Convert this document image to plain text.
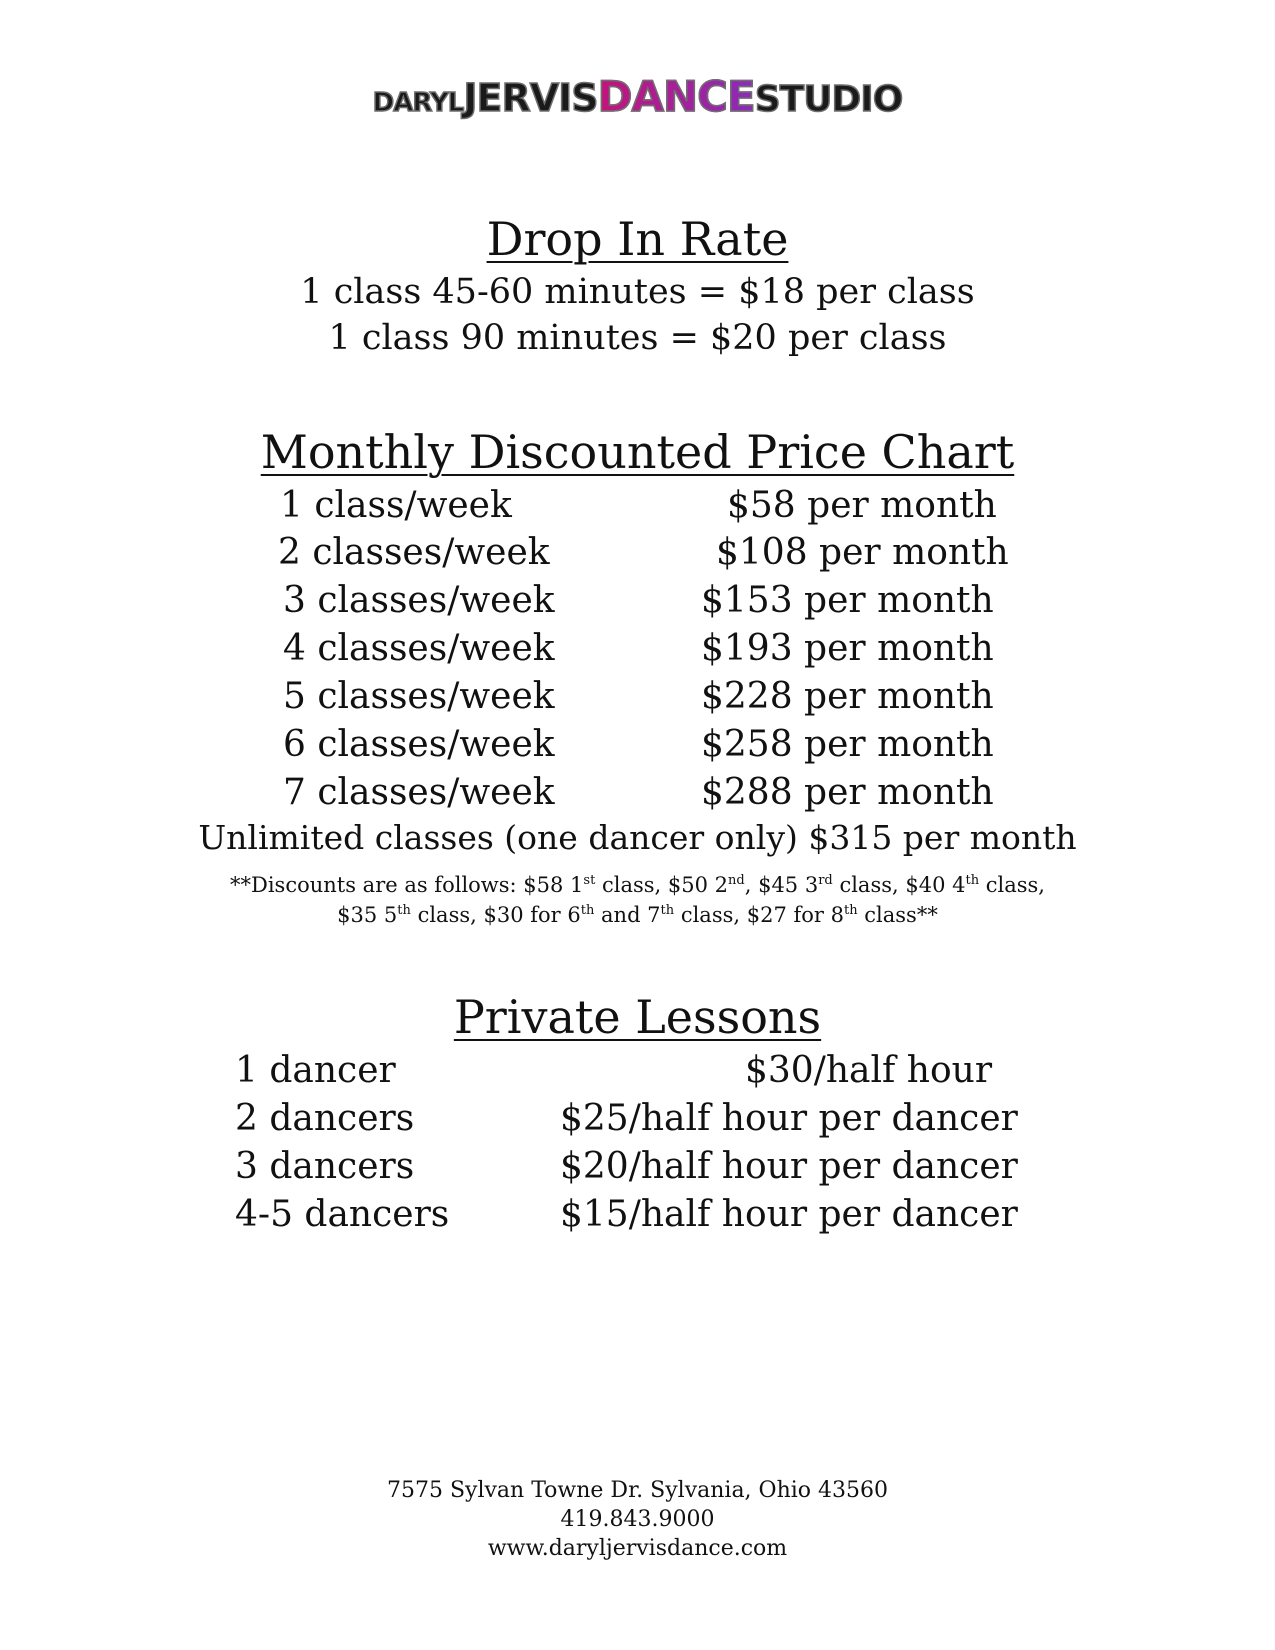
DARYLJERVISDANCESTUDIO
Drop In Rate
1 class 45-60 minutes = $18 per class
1 class 90 minutes = $20 per class
Monthly Discounted Price Chart
1 class/week	$58 per month
2 classes/week	$108 per month
3 classes/week	$153 per month
4 classes/week	$193 per month
5 classes/week	$228 per month
6 classes/week	$258 per month
7 classes/week	$288 per month
Unlimited classes (one dancer only) $315 per month
**Discounts are as follows: $58 1st class, $50 2nd, $45 3rd class, $40 4th class,
$35 5th class, $30 for 6th and 7th class, $27 for 8th class**
Private Lessons
1 dancer	$30/half hour
2 dancers	$25/half hour per dancer
3 dancers	$20/half hour per dancer
4-5 dancers	$15/half hour per dancer
7575 Sylvan Towne Dr. Sylvania, Ohio 43560
419.843.9000
www.daryljervisdance.com
